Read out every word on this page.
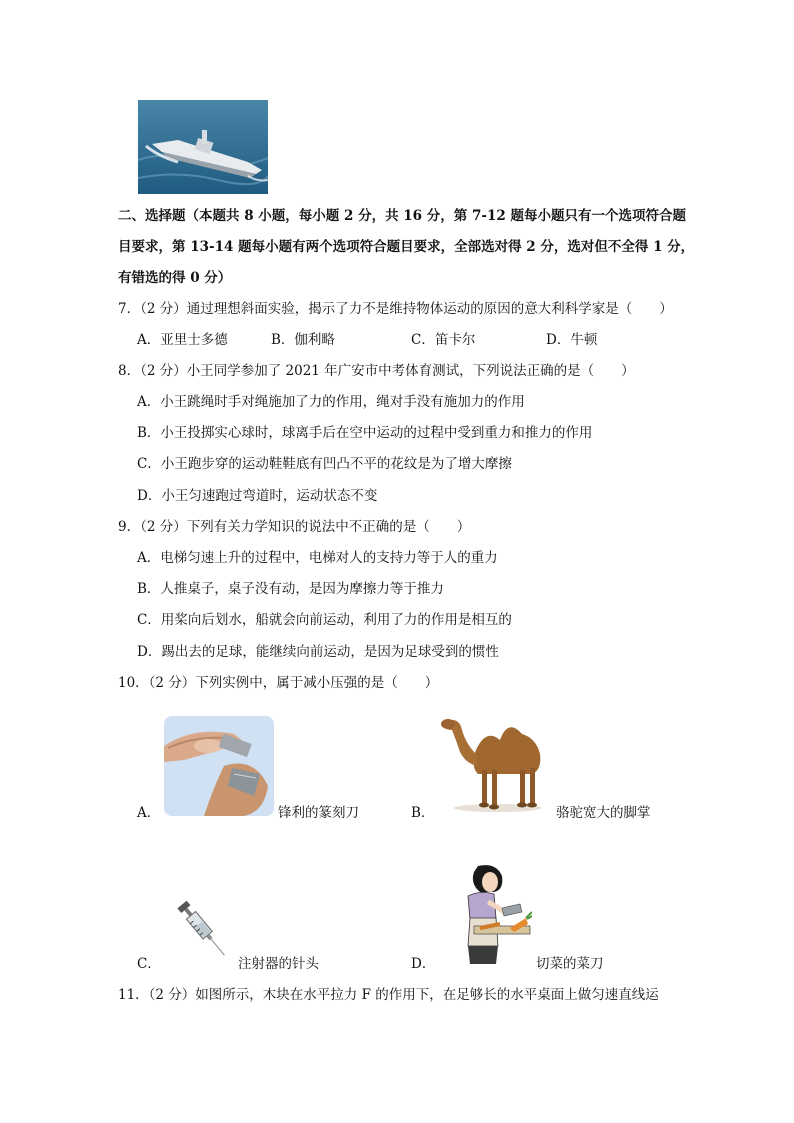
二、选择题（本题共 8 小题，每小题 2 分，共 16 分，第 7-12 题每小题只有一个选项符合题
目要求，第 13-14 题每小题有两个选项符合题目要求，全部选对得 2 分，选对但不全得 1 分，
有错选的得 0 分）
7．（2 分）通过理想斜面实验，揭示了力不是维持物体运动的原因的意大利科学家是（　　）
A．亚里士多德	B．伽利略	C．笛卡尔	D．牛顿
8．（2 分）小王同学参加了 2021 年广安市中考体育测试，下列说法正确的是（　　）
A．小王跳绳时手对绳施加了力的作用，绳对手没有施加力的作用
B．小王投掷实心球时，球离手后在空中运动的过程中受到重力和推力的作用
C．小王跑步穿的运动鞋鞋底有凹凸不平的花纹是为了增大摩擦
D．小王匀速跑过弯道时，运动状态不变
9．（2 分）下列有关力学知识的说法中不正确的是（　　）
A．电梯匀速上升的过程中，电梯对人的支持力等于人的重力
B．人推桌子，桌子没有动，是因为摩擦力等于推力
C．用桨向后划水，船就会向前运动，利用了力的作用是相互的
D．踢出去的足球，能继续向前运动，是因为足球受到的惯性
10．（2 分）下列实例中，属于减小压强的是（　　）
A．	锋利的篆刻刀	B．	骆驼宽大的脚掌
C．	注射器的针头	D．	切菜的菜刀
11．（2 分）如图所示，木块在水平拉力 F 的作用下，在足够长的水平桌面上做匀速直线运
